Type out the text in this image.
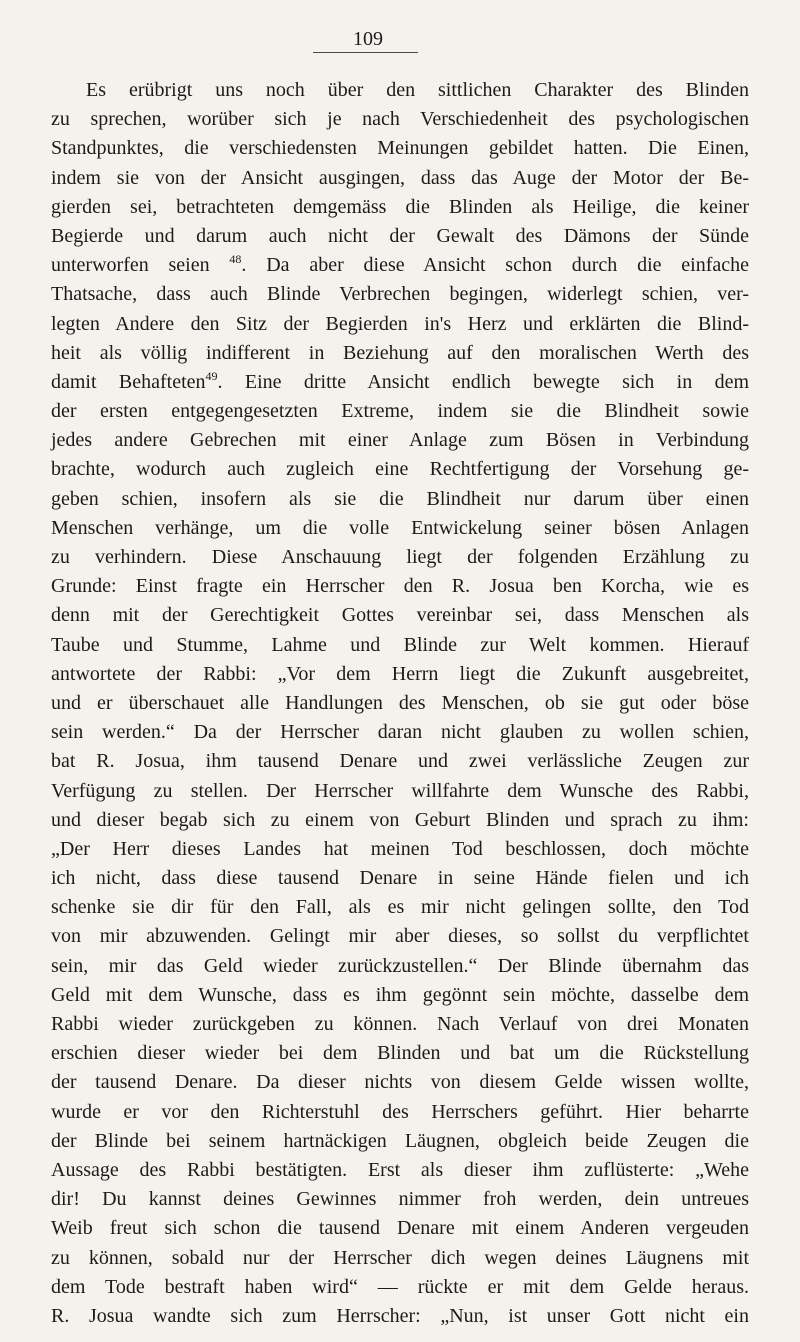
109
Es erübrigt uns noch über den sittlichen Charakter des Blinden
zu sprechen, worüber sich je nach Verschiedenheit des psychologischen
Standpunktes, die verschiedensten Meinungen gebildet hatten. Die Einen,
indem sie von der Ansicht ausgingen, dass das Auge der Motor der Be-
gierden sei, betrachteten demgemäss die Blinden als Heilige, die keiner
Begierde und darum auch nicht der Gewalt des Dämons der Sünde
unterworfen seien $^{48}$. Da aber diese Ansicht schon durch die einfache
Thatsache, dass auch Blinde Verbrechen begingen, widerlegt schien, ver-
legten Andere den Sitz der Begierden in's Herz und erklärten die Blind-
heit als völlig indifferent in Beziehung auf den moralischen Werth des
damit Behafteten$^{49}$. Eine dritte Ansicht endlich bewegte sich in dem
der ersten entgegengesetzten Extreme, indem sie die Blindheit sowie
jedes andere Gebrechen mit einer Anlage zum Bösen in Verbindung
brachte, wodurch auch zugleich eine Rechtfertigung der Vorsehung ge-
geben schien, insofern als sie die Blindheit nur darum über einen
Menschen verhänge, um die volle Entwickelung seiner bösen Anlagen
zu verhindern. Diese Anschauung liegt der folgenden Erzählung zu
Grunde: Einst fragte ein Herrscher den R. Josua ben Korcha, wie es
denn mit der Gerechtigkeit Gottes vereinbar sei, dass Menschen als
Taube und Stumme, Lahme und Blinde zur Welt kommen. Hierauf
antwortete der Rabbi: „Vor dem Herrn liegt die Zukunft ausgebreitet,
und er überschauet alle Handlungen des Menschen, ob sie gut oder böse
sein werden.“ Da der Herrscher daran nicht glauben zu wollen schien,
bat R. Josua, ihm tausend Denare und zwei verlässliche Zeugen zur
Verfügung zu stellen. Der Herrscher willfahrte dem Wunsche des Rabbi,
und dieser begab sich zu einem von Geburt Blinden und sprach zu ihm:
„Der Herr dieses Landes hat meinen Tod beschlossen, doch möchte
ich nicht, dass diese tausend Denare in seine Hände fielen und ich
schenke sie dir für den Fall, als es mir nicht gelingen sollte, den Tod
von mir abzuwenden. Gelingt mir aber dieses, so sollst du verpflichtet
sein, mir das Geld wieder zurückzustellen.“ Der Blinde übernahm das
Geld mit dem Wunsche, dass es ihm gegönnt sein möchte, dasselbe dem
Rabbi wieder zurückgeben zu können. Nach Verlauf von drei Monaten
erschien dieser wieder bei dem Blinden und bat um die Rückstellung
der tausend Denare. Da dieser nichts von diesem Gelde wissen wollte,
wurde er vor den Richterstuhl des Herrschers geführt. Hier beharrte
der Blinde bei seinem hartnäckigen Läugnen, obgleich beide Zeugen die
Aussage des Rabbi bestätigten. Erst als dieser ihm zuflüsterte: „Wehe
dir! Du kannst deines Gewinnes nimmer froh werden, dein untreues
Weib freut sich schon die tausend Denare mit einem Anderen vergeuden
zu können, sobald nur der Herrscher dich wegen deines Läugnens mit
dem Tode bestraft haben wird“ — rückte er mit dem Gelde heraus.
R. Josua wandte sich zum Herrscher: „Nun, ist unser Gott nicht ein
